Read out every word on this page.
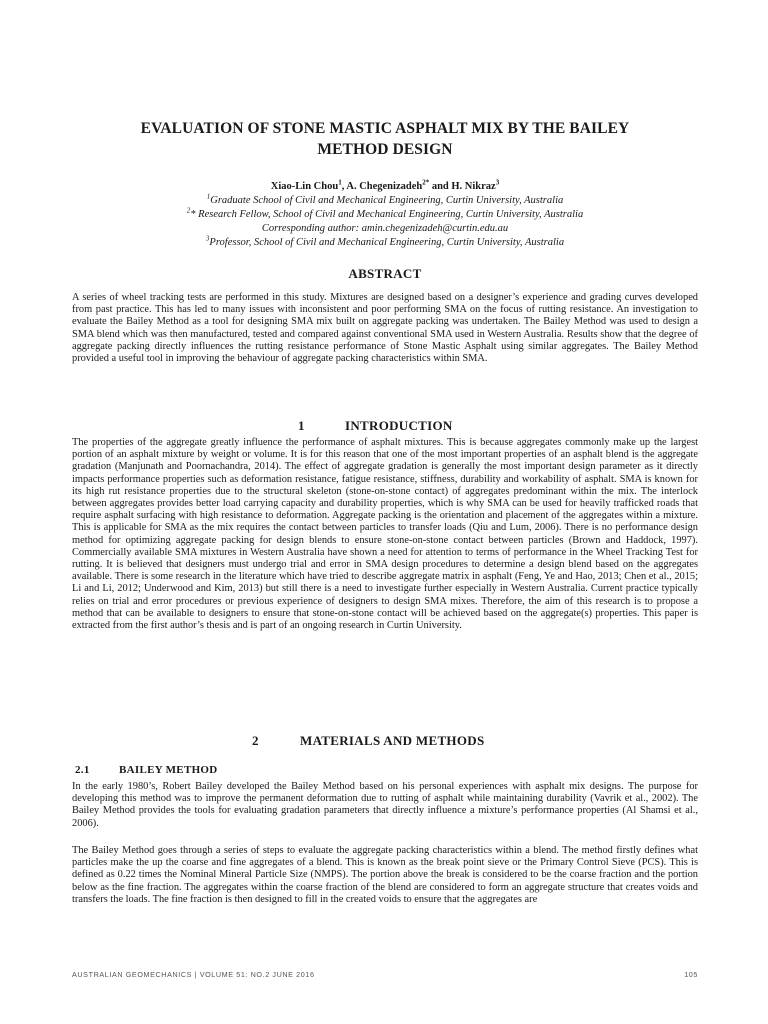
EVALUATION OF STONE MASTIC ASPHALT MIX BY THE BAILEY
METHOD DESIGN
Xiao-Lin Chou$^1$, A. Chegenizadeh$^{2*}$ and H. Nikraz$^3$
$^1$Graduate School of Civil and Mechanical Engineering, Curtin University, Australia
$^2$* Research Fellow, School of Civil and Mechanical Engineering, Curtin University, Australia
Corresponding author: amin.chegenizadeh@curtin.edu.au
$^3$Professor, School of Civil and Mechanical Engineering, Curtin University, Australia
ABSTRACT

A series of wheel tracking tests are performed in this study. Mixtures are designed based on a designer’s experience and grading curves developed from past practice. This has led to many issues with inconsistent and poor performing SMA on the focus of rutting resistance. An investigation to evaluate the Bailey Method as a tool for designing SMA mix built on aggregate packing was undertaken. The Bailey Method was used to design a SMA blend which was then manufactured, tested and compared against conventional SMA used in Western Australia. Results show that the degree of aggregate packing directly influences the rutting resistance performance of Stone Mastic Asphalt using similar aggregates. The Bailey Method provided a useful tool in improving the behaviour of aggregate packing characteristics within SMA.

1	INTRODUCTION

The properties of the aggregate greatly influence the performance of asphalt mixtures. This is because aggregates commonly make up the largest portion of an asphalt mixture by weight or volume. It is for this reason that one of the most important properties of an asphalt blend is the aggregate gradation (Manjunath and Poornachandra, 2014). The effect of aggregate gradation is generally the most important design parameter as it directly impacts performance properties such as deformation resistance, fatigue resistance, stiffness, durability and workability of asphalt. SMA is known for its high rut resistance properties due to the structural skeleton (stone-on-stone contact) of aggregates predominant within the mix. The interlock between aggregates provides better load carrying capacity and durability properties, which is why SMA can be used for heavily trafficked roads that require asphalt surfacing with high resistance to deformation. Aggregate packing is the orientation and placement of the aggregates within a mixture. This is applicable for SMA as the mix requires the contact between particles to transfer loads (Qiu and Lum, 2006). There is no performance design method for optimizing aggregate packing for design blends to ensure stone-on-stone contact between particles (Brown and Haddock, 1997). Commercially available SMA mixtures in Western Australia have shown a need for attention to terms of performance in the Wheel Tracking Test for rutting. It is believed that designers must undergo trial and error in SMA design procedures to determine a design blend based on the aggregates available. There is some research in the literature which have tried to describe aggregate matrix in asphalt (Feng, Ye and Hao, 2013; Chen et al., 2015; Li and Li, 2012; Underwood and Kim, 2013) but still there is a need to investigate further especially in Western Australia. Current practice typically relies on trial and error procedures or previous experience of designers to design SMA mixes. Therefore, the aim of this research is to propose a method that can be available to designers to ensure that stone-on-stone contact will be achieved based on the aggregate(s) properties. This paper is extracted from the first author’s thesis and is part of an ongoing research in Curtin University.

2	MATERIALS AND METHODS
2.1	BAILEY METHOD

In the early 1980’s, Robert Bailey developed the Bailey Method based on his personal experiences with asphalt mix designs. The purpose for developing this method was to improve the permanent deformation due to rutting of asphalt while maintaining durability (Vavrik et al., 2002). The Bailey Method provides the tools for evaluating gradation parameters that directly influence a mixture’s performance properties (Al Shamsi et al., 2006).

The Bailey Method goes through a series of steps to evaluate the aggregate packing characteristics within a blend. The method firstly defines what particles make the up the coarse and fine aggregates of a blend. This is known as the break point sieve or the Primary Control Sieve (PCS). This is defined as 0.22 times the Nominal Mineral Particle Size (NMPS). The portion above the break is considered to be the coarse fraction and the portion below as the fine fraction. The aggregates within the coarse fraction of the blend are considered to form an aggregate structure that creates voids and transfers the loads. The fine fraction is then designed to fill in the created voids to ensure that the aggregates are

AUSTRALIAN GEOMECHANICS | VOLUME 51: NO.2 JUNE 2016	105
